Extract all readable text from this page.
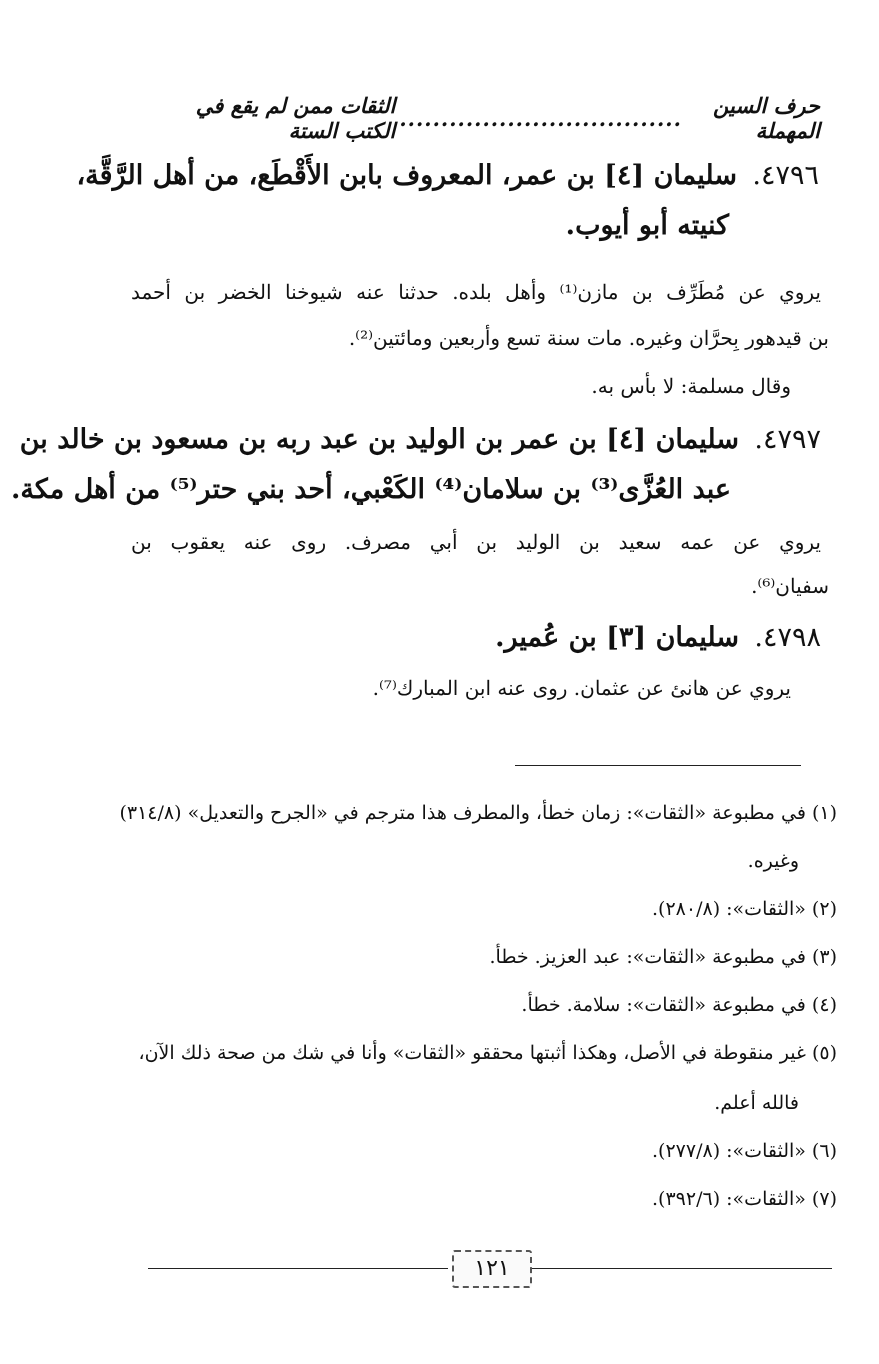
حرف السين المهملة
..................................
الثقات ممن لم يقع في الكتب الستة
٤٧٩٦. سليمان [٤] بن عمر، المعروف بابن الأَقْطَع، من أهل الرَّقَّة،
كنيته أبو أيوب.
يروي عن مُطَرِّف بن مازن⁽¹⁾ وأهل بلده. حدثنا عنه شيوخنا الخضر بن أحمد
بن قيدهور بِحرَّان وغيره. مات سنة تسع وأربعين ومائتين⁽²⁾.
وقال مسلمة: لا بأس به.
٤٧٩٧. سليمان [٤] بن عمر بن الوليد بن عبد ربه بن مسعود بن خالد بن
عبد العُزَّى⁽³⁾ بن سلامان⁽⁴⁾ الكَعْبي، أحد بني حتر⁽⁵⁾ من أهل مكة.
يروي عن عمه سعيد بن الوليد بن أبي مصرف. روى عنه يعقوب بن
سفيان⁽⁶⁾.
٤٧٩٨. سليمان [٣] بن عُمير.
يروي عن هانئ عن عثمان. روى عنه ابن المبارك⁽⁷⁾.
(١) في مطبوعة «الثقات»: زمان خطأ، والمطرف هذا مترجم في «الجرح والتعديل» (٣١٤/٨)
وغيره.
(٢) «الثقات»: (٢٨٠/٨).
(٣) في مطبوعة «الثقات»: عبد العزيز. خطأ.
(٤) في مطبوعة «الثقات»: سلامة. خطأ.
(٥) غير منقوطة في الأصل، وهكذا أثبتها محققو «الثقات» وأنا في شك من صحة ذلك الآن،
فالله أعلم.
(٦) «الثقات»: (٢٧٧/٨).
(٧) «الثقات»: (٣٩٢/٦).
١٢١
